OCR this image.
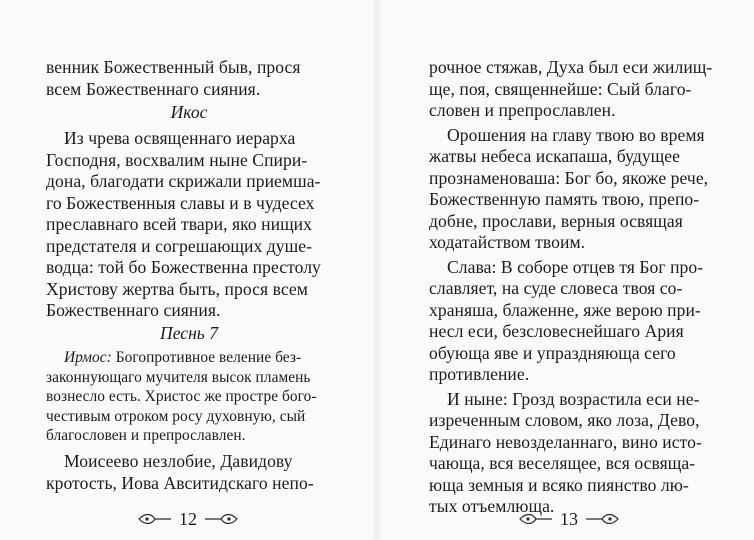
венник Божественный быв, прося
всем Божественнаго сияния.
Икос
Из чрева освященнаго иерарха
Господня, восхвалим ныне Спири-
дона, благодати скрижали приемша-
го Божественныя славы и в чудесех
преславнаго всей твари, яко нищих
предстателя и согрешающих душе-
водца: той бо Божественна престолу
Христову жертва быть, прося всем
Божественнаго сияния.
Песнь 7
Ирмос: Богопротивное веление без-
законнующаго мучителя высок пламень
вознесло есть. Христос же простре бого-
честивым отроком росу духовную, сый
благословен и препрославлен.
12
рочное стяжав, Духа был еси жилищ-
ще, поя, священнейше: Сый благо-
словен и препрославлен.
Орошения на главу твою во время
жатвы небеса искапаша, будущее
прознаменоваша: Бог бо, якоже рече,
Божественную память твою, препо-
добне, прослави, верныя освящая
ходатайством твоим.
Слава: В соборе отцев тя Бог про-
славляет, на суде словеса твоя со-
храняша, блаженне, яже верою при-
несл еси, безсловеснейшаго Ария
обующа яве и упраздняюща сего
противление.
И ныне: Грозд возрастила еси не-
изреченным словом, яко лоза, Дево,
Единаго невозделаннаго, вино исто-
13
Моисеево незлобие, Давидову
кротость, Иова Авситидскаго непо-
чающа, вся веселящее, вся освяща-
юща земныя и всяко пиянство лю-
тых отъемлюща.
